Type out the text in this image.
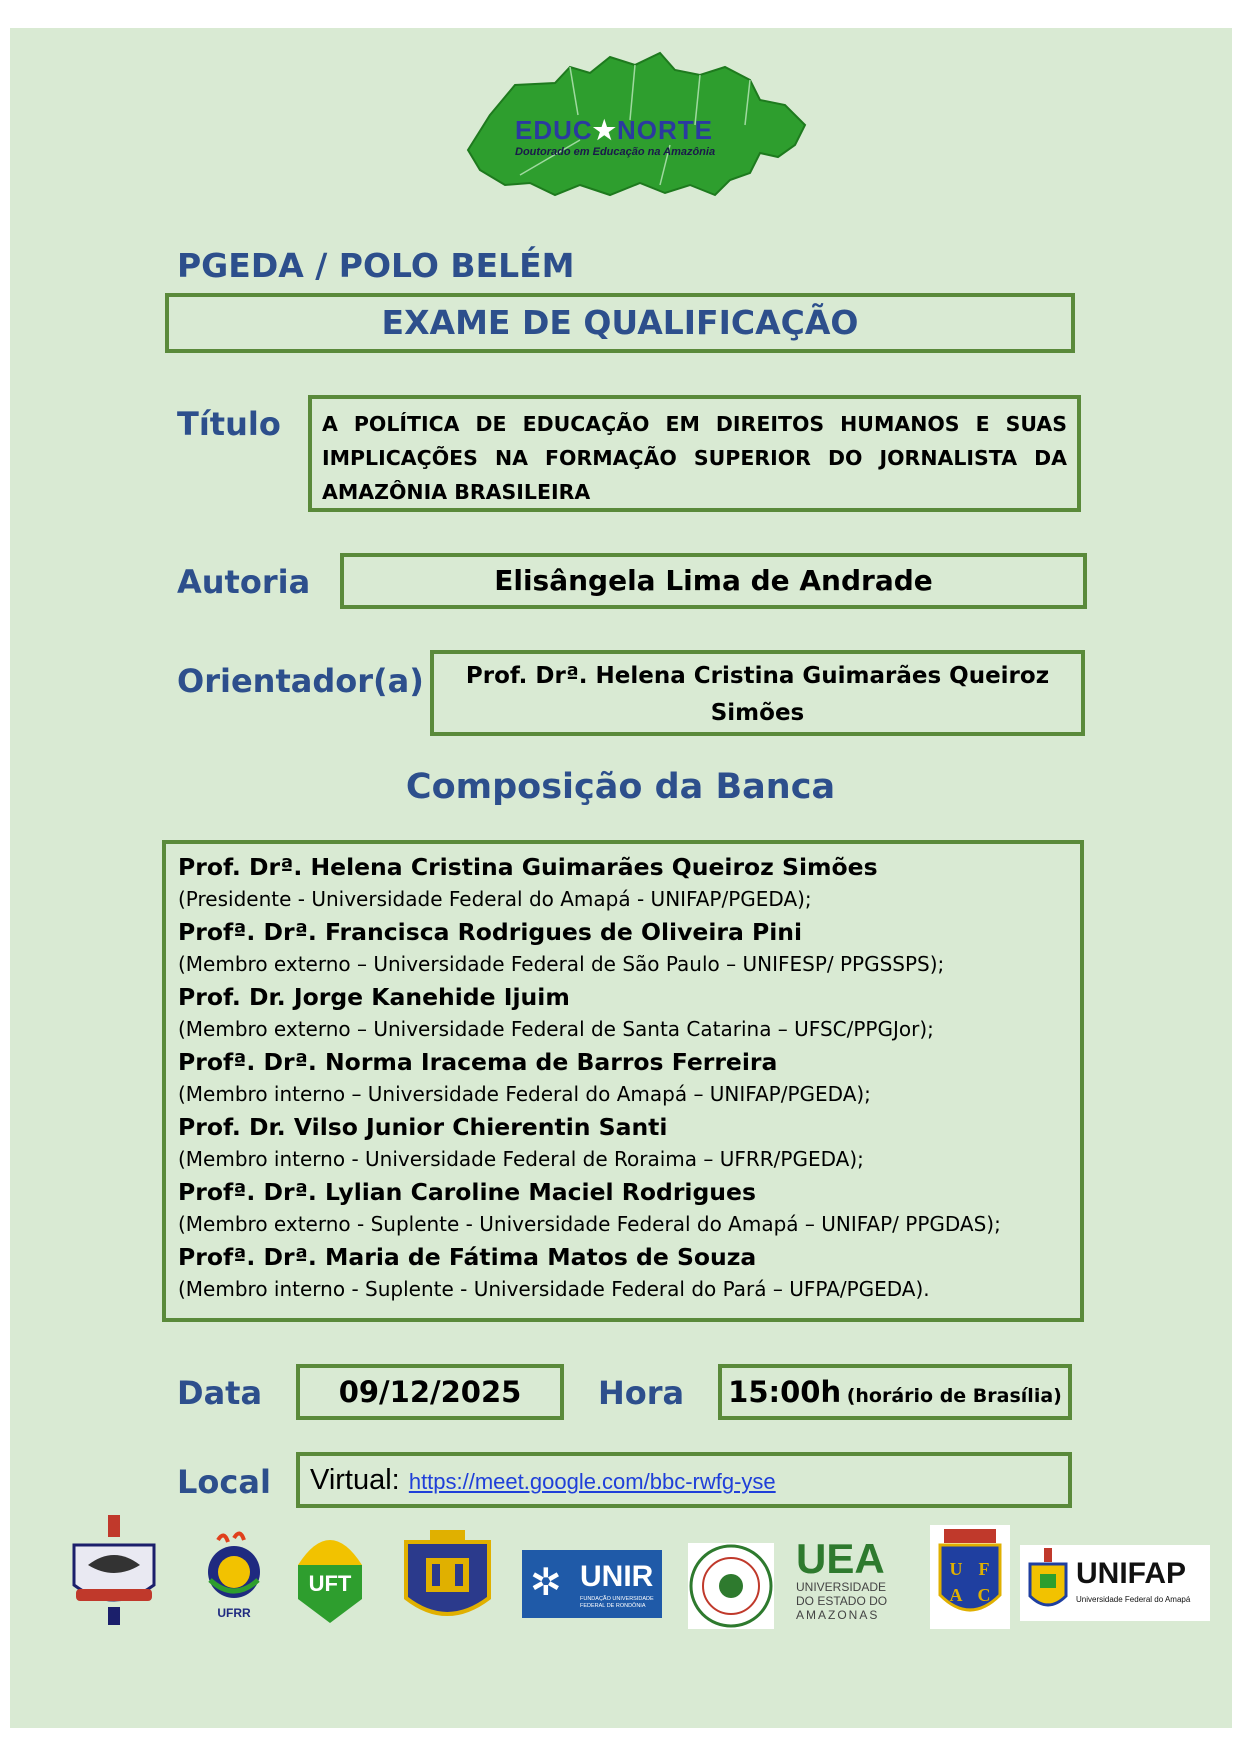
EDUC★NORTE
Doutorado em Educação na Amazônia
PGEDA / POLO BELÉM
EXAME DE QUALIFICAÇÃO
Título A POLÍTICA DE EDUCAÇÃO EM DIREITOS HUMANOS E SUAS IMPLICAÇÕES NA FORMAÇÃO SUPERIOR DO JORNALISTA DA AMAZÔNIA BRASILEIRA
Autoria	Elisângela Lima de Andrade
Orientador(a)	Prof. Drª. Helena Cristina Guimarães Queiroz Simões
Composição da Banca
Prof. Drª. Helena Cristina Guimarães Queiroz Simões
(Presidente - Universidade Federal do Amapá - UNIFAP/PGEDA);
Profª. Drª. Francisca Rodrigues de Oliveira Pini
(Membro externo – Universidade Federal de São Paulo – UNIFESP/ PPGSSPS);
Prof. Dr. Jorge Kanehide Ijuim
(Membro externo – Universidade Federal de Santa Catarina – UFSC/PPGJor);
Profª. Drª. Norma Iracema de Barros Ferreira
(Membro interno – Universidade Federal do Amapá – UNIFAP/PGEDA);
Prof. Dr. Vilso Junior Chierentin Santi
(Membro interno - Universidade Federal de Roraima – UFRR/PGEDA);
Profª. Drª. Lylian Caroline Maciel Rodrigues
(Membro externo - Suplente - Universidade Federal do Amapá – UNIFAP/ PPGDAS);
Profª. Drª. Maria de Fátima Matos de Souza
(Membro interno - Suplente - Universidade Federal do Pará – UFPA/PGEDA).
Data	09/12/2025	Hora 15:00h (horário de Brasília)
Local Virtual: https://meet.google.com/bbc-rwfg-yse
UFRR
UFT	✲ UNIR
FUNDAÇÃO UNIVERSIDADE FEDERAL DE RONDÔNIA
UEA
UNIVERSIDADE
DO ESTADO DO
AMAZONAS
U F
A C
UNIFAP
Universidade Federal do Amapá
